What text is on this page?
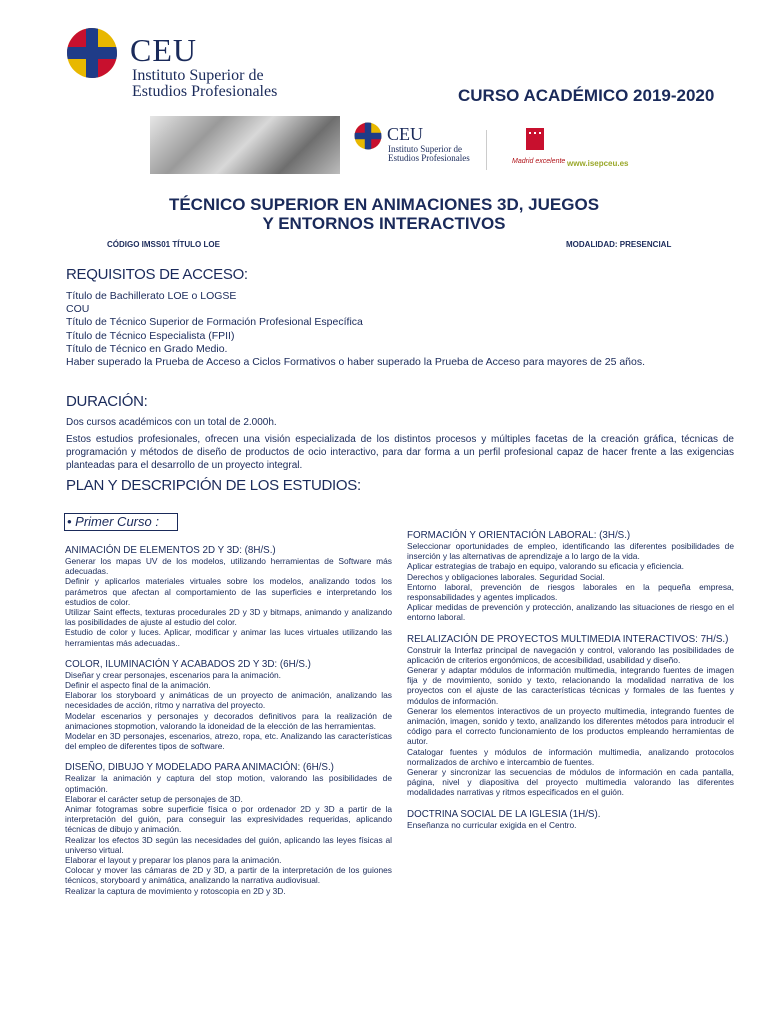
CEU
Instituto Superior de
Estudios Profesionales	CURSO ACADÉMICO 2019-2020
CEU
Instituto Superior de
Estudios Profesionales	Madrid excelente www.isepceu.es
TÉCNICO SUPERIOR EN ANIMACIONES 3D, JUEGOS
Y ENTORNOS INTERACTIVOS
CÓDIGO IMSS01 TÍTULO LOE	MODALIDAD: PRESENCIAL
REQUISITOS DE ACCESO:
Título de Bachillerato LOE o LOGSE
COU
Título de Técnico Superior de Formación Profesional Específica
Título de Técnico Especialista (FPII)
Título de Técnico en Grado Medio.
Haber superado la Prueba de Acceso a Ciclos Formativos o haber superado la Prueba de Acceso para mayores de 25 años.
DURACIÓN:
Dos cursos académicos con un total de 2.000h.
Estos estudios profesionales, ofrecen una visión especializada de los distintos procesos y múltiples facetas de la creación gráfica, técnicas de programación y métodos de diseño de productos de ocio interactivo, para dar forma a un perfil profesional capaz de hacer frente a las exigencias planteadas para el desarrollo de un proyecto integral.
PLAN Y DESCRIPCIÓN DE LOS ESTUDIOS:
• Primer Curso :
ANIMACIÓN DE ELEMENTOS 2D Y 3D: (8H/S.)

Generar los mapas UV de los modelos, utilizando herramientas de Software más adecuadas.

Definir y aplicarlos materiales virtuales sobre los modelos, analizando todos los parámetros que afectan al comportamiento de las superficies e interpretando los estudios de color.

Utilizar Saint effects, texturas procedurales 2D y 3D y bitmaps, animando y analizando las posibilidades de ajuste al estudio del color.

Estudio de color y luces. Aplicar, modificar y animar las luces virtuales utilizando las herramientas más adecuadas..

COLOR, ILUMINACIÓN Y ACABADOS 2D Y 3D: (6H/S.)

Diseñar y crear personajes, escenarios para la animación.

Definir el aspecto final de la animación.

Elaborar los storyboard y animáticas de un proyecto de animación, analizando las necesidades de acción, ritmo y narrativa del proyecto.

Modelar escenarios y personajes y decorados definitivos para la realización de animaciones stopmotion, valorando la idoneidad de la elección de las herramientas.

Modelar en 3D personajes, escenarios, atrezo, ropa, etc. Analizando las características del empleo de diferentes tipos de software.

DISEÑO, DIBUJO Y MODELADO PARA ANIMACIÓN: (6H/S.)

Realizar la animación y captura del stop motion, valorando las posibilidades de optimación.

Elaborar el carácter setup de personajes de 3D.

Animar fotogramas sobre superficie física o por ordenador 2D y 3D a partir de la interpretación del guión, para conseguir las expresividades requeridas, aplicando técnicas de dibujo y animación.

Realizar los efectos 3D según las necesidades del guión, aplicando las leyes físicas al universo virtual.

Elaborar el layout y preparar los planos para la animación.

Colocar y mover las cámaras de 2D y 3D, a partir de la interpretación de los guiones técnicos, storyboard y animática, analizando la narrativa audiovisual.

Realizar la captura de movimiento y rotoscopia en 2D y 3D.

FORMACIÓN Y ORIENTACIÓN LABORAL: (3H/S.)

Seleccionar oportunidades de empleo, identificando las diferentes posibilidades de inserción y las alternativas de aprendizaje a lo largo de la vida.

Aplicar estrategias de trabajo en equipo, valorando su eficacia y eficiencia.

Derechos y obligaciones laborales. Seguridad Social.

Entorno laboral, prevención de riesgos laborales en la pequeña empresa, responsabilidades y agentes implicados.

Aplicar medidas de prevención y protección, analizando las situaciones de riesgo en el entorno laboral.

RELALIZACIÓN DE PROYECTOS MULTIMEDIA INTERACTIVOS: 7H/S.)

Construir la Interfaz principal de navegación y control, valorando las posibilidades de aplicación de criterios ergonómicos, de accesibilidad, usabilidad y diseño.

Generar y adaptar módulos de información multimedia, integrando fuentes de imagen fija y de movimiento, sonido y texto, relacionando la modalidad narrativa de los proyectos con el ajuste de las características técnicas y formales de las fuentes y módulos de información.

Generar los elementos interactivos de un proyecto multimedia, integrando fuentes de animación, imagen, sonido y texto, analizando los diferentes métodos para introducir el código para el correcto funcionamiento de los productos empleando herramientas de autor.

Catalogar fuentes y módulos de información multimedia, analizando protocolos normalizados de archivo e intercambio de fuentes.

Generar y sincronizar las secuencias de módulos de información en cada pantalla, página, nivel y diapositiva del proyecto multimedia valorando las diferentes modalidades narrativas y ritmos especificados en el guión.

DOCTRINA SOCIAL DE LA IGLESIA (1H/S).

Enseñanza no curricular exigida en el Centro.
